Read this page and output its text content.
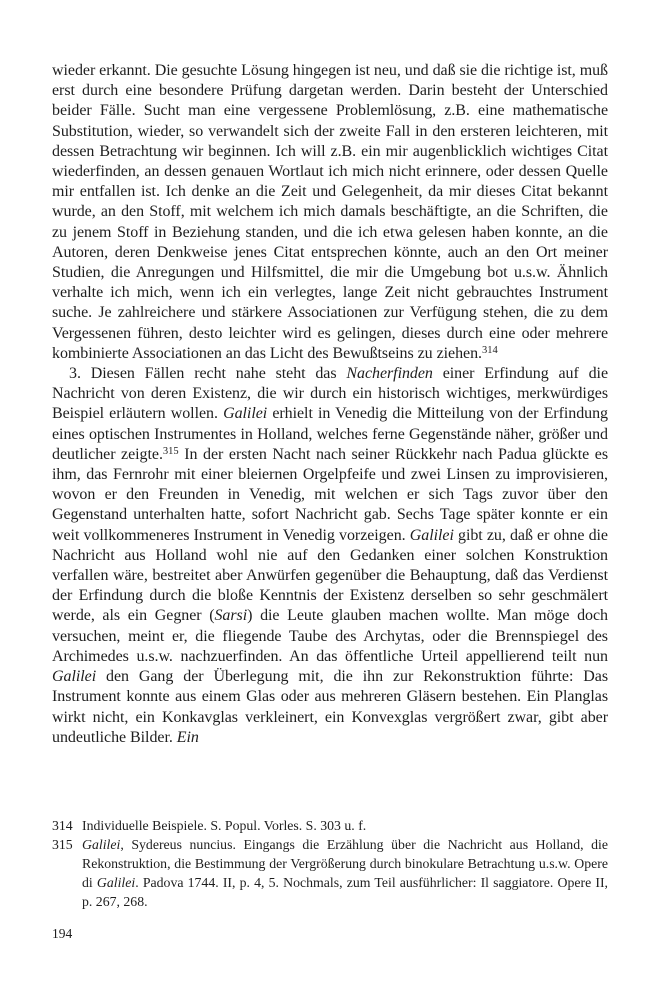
wieder erkannt. Die gesuchte Lösung hingegen ist neu, und daß sie die richtige ist, muß erst durch eine besondere Prüfung dargetan werden. Darin besteht der Unterschied beider Fälle. Sucht man eine vergessene Problemlösung, z.B. eine mathematische Substitution, wieder, so verwandelt sich der zweite Fall in den ersteren leichteren, mit dessen Betrachtung wir beginnen. Ich will z.B. ein mir augenblicklich wichtiges Citat wiederfinden, an dessen genauen Wortlaut ich mich nicht erinnere, oder dessen Quelle mir entfallen ist. Ich denke an die Zeit und Gelegenheit, da mir dieses Citat bekannt wurde, an den Stoff, mit welchem ich mich damals beschäftigte, an die Schriften, die zu jenem Stoff in Beziehung standen, und die ich etwa gelesen haben konnte, an die Autoren, deren Denkweise jenes Citat entsprechen könnte, auch an den Ort meiner Studien, die Anregungen und Hilfsmittel, die mir die Umgebung bot u.s.w. Ähnlich verhalte ich mich, wenn ich ein verlegtes, lange Zeit nicht gebrauchtes Instrument suche. Je zahlreichere und stärkere Associationen zur Verfügung stehen, die zu dem Vergessenen führen, desto leichter wird es gelingen, dieses durch eine oder mehrere kombinierte Associationen an das Licht des Bewußtseins zu ziehen.$^{314}$

3. Diesen Fällen recht nahe steht das Nacherfinden einer Erfindung auf die Nachricht von deren Existenz, die wir durch ein historisch wichtiges, merkwürdiges Beispiel erläutern wollen. Galilei erhielt in Venedig die Mitteilung von der Erfindung eines optischen Instrumentes in Holland, welches ferne Gegenstände näher, größer und deutlicher zeigte.$^{315}$ In der ersten Nacht nach seiner Rückkehr nach Padua glückte es ihm, das Fernrohr mit einer bleiernen Orgelpfeife und zwei Linsen zu improvisieren, wovon er den Freunden in Venedig, mit welchen er sich Tags zuvor über den Gegenstand unterhalten hatte, sofort Nachricht gab. Sechs Tage später konnte er ein weit vollkommeneres Instrument in Venedig vorzeigen. Galilei gibt zu, daß er ohne die Nachricht aus Holland wohl nie auf den Gedanken einer solchen Konstruktion verfallen wäre, bestreitet aber Anwürfen gegenüber die Behauptung, daß das Verdienst der Erfindung durch die bloße Kenntnis der Existenz derselben so sehr geschmälert werde, als ein Gegner (Sarsi) die Leute glauben machen wollte. Man möge doch versuchen, meint er, die fliegende Taube des Archytas, oder die Brennspiegel des Archimedes u.s.w. nachzuerfinden. An das öffentliche Urteil appellierend teilt nun Galilei den Gang der Überlegung mit, die ihn zur Rekonstruktion führte: Das Instrument konnte aus einem Glas oder aus mehreren Gläsern bestehen. Ein Planglas wirkt nicht, ein Konkavglas verkleinert, ein Konvexglas vergrößert zwar, gibt aber undeutliche Bilder. Ein

314 Individuelle Beispiele. S. Popul. Vorles. S. 303 u. f.
315 Galilei, Sydereus nuncius. Eingangs die Erzählung über die Nachricht aus Holland, die Rekonstruktion, die Bestimmung der Vergrößerung durch binokulare Betrachtung u.s.w. Opere di Galilei. Padova 1744. II, p. 4, 5. Nochmals, zum Teil ausführlicher: Il saggiatore. Opere II, p. 267, 268.
194
